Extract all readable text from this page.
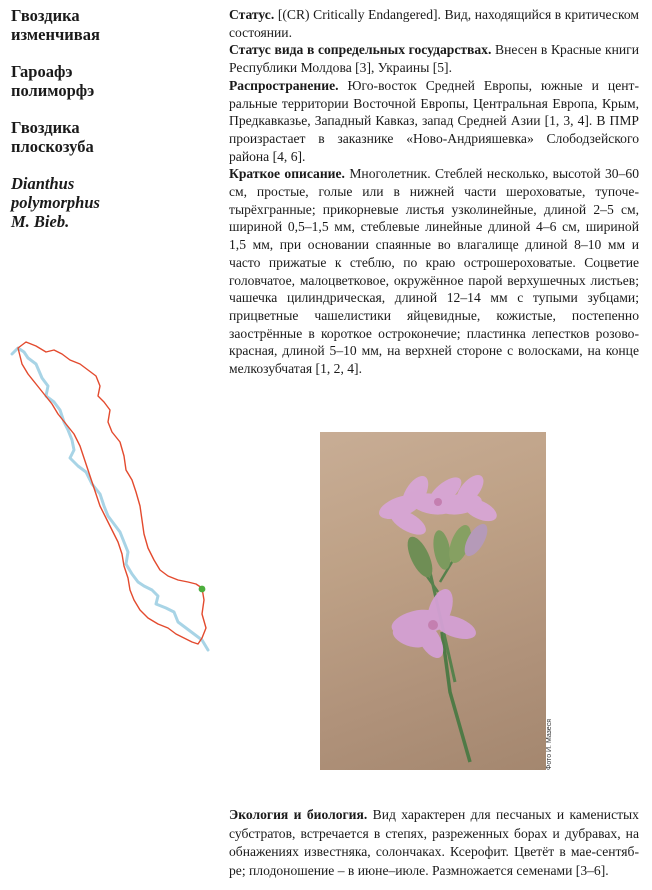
Гвоздика
изменчивая
Гароафэ
полиморфэ
Гвоздика
плоскозуба
Dianthus
polymorphus
M. Bieb.

Статус. [(CR) Critically Endangered]. Вид, находящийся в критическом состоянии.

Статус вида в сопредельных государствах. Внесен в Красные книги Республики Молдова [3], Украины [5].

Распространение. Юго-восток Средней Европы, южные и центральные территории Восточной Европы, Центральная Европа, Крым, Предкавказье, Западный Кавказ, запад Средней Азии [1, 3, 4]. В ПМР произрастает в заказнике «Ново-Андрияшевка» Слободзейского района [4, 6].

Краткое описание. Многолетник. Стеблей несколько, высотой 30–60 см, простые, голые или в нижней части шероховатые, тупочетырёхгранные; прикорневые листья узколинейные, длиной 2–5 см, шириной 0,5–1,5 мм, стеблевые линейные длиной 4–6 см, шириной 1,5 мм, при основании спаянные во влагалище длиной 8–10 мм и часто прижатые к стеблю, по краю острошероховатые. Соцветие головчатое, малоцветковое, окружённое парой верхушечных листьев; чашечка цилиндрическая, длиной 12–14 мм с тупыми зубцами; прицветные чашелистики яйцевидные, кожистые, постепенно заострённые в короткое остроконечие; пластинка лепестков розово-красная, длиной 5–10 мм, на верхней стороне с волосками, на конце мелкозубчатая [1, 2, 4].

Фото И. Мазеся

Экология и биология. Вид характерен для песчаных и каменистых субстратов, встречается в степях, разреженных борах и дубравах, на обнажениях известняка, солончаках. Ксерофит. Цветёт в мае-сентябре; плодоношение – в июне–июле. Размножается семенами [3–6].
